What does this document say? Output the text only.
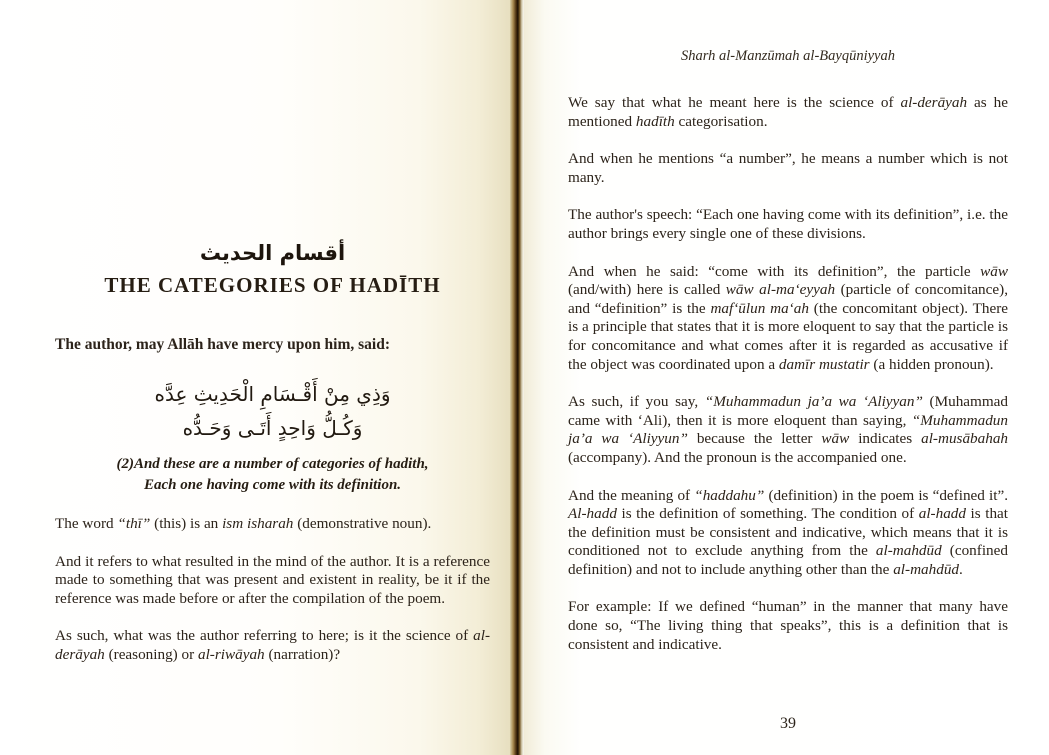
أقسام الحديث
THE CATEGORIES OF HADĪTH
The author, may Allāh have mercy upon him, said:
وَذِي مِنْ أَقْـسَامِ الْحَدِيثِ عِدَّه
وَكُـلُّ وَاحِدٍ أَتَـى وَحَـدُّه
(2)And these are a number of categories of hadith,
Each one having come with its definition.

The word “thī” (this) is an ism isharah (demonstrative noun).

And it refers to what resulted in the mind of the author. It is a reference made to something that was present and existent in reality, be it if the reference was made before or after the compilation of the poem.

As such, what was the author referring to here; is it the science of al-derāyah (reasoning) or al-riwāyah (narration)?

Sharh al-Manzūmah al-Bayqūniyyah

We say that what he meant here is the science of al-derāyah as he mentioned hadīth categorisation.

And when he mentions “a number”, he means a number which is not many.

The author's speech: “Each one having come with its definition”, i.e. the author brings every single one of these divisions.

And when he said: “come with its definition”, the particle wāw (and/with) here is called wāw al-ma‘eyyah (particle of concomitance), and “definition” is the maf‘ūlun ma‘ah (the concomitant object). There is a principle that states that it is more eloquent to say that the particle is for concomitance and what comes after it is regarded as accusative if the object was coordinated upon a damīr mustatir (a hidden pronoun).

As such, if you say, “Muhammadun ja’a wa ‘Aliyyan” (Muhammad came with ‘Ali), then it is more eloquent than saying, “Muhammadun ja’a wa ‘Aliyyun” because the letter wāw indicates al-musābahah (accompany). And the pronoun is the accompanied one.

And the meaning of “haddahu” (definition) in the poem is “defined it”. Al-hadd is the definition of something. The condition of al-hadd is that the definition must be consistent and indicative, which means that it is conditioned not to exclude anything from the al-mahdūd (confined definition) and not to include anything other than the al-mahdūd.

For example: If we defined “human” in the manner that many have done so, “The living thing that speaks”, this is a definition that is consistent and indicative.

39
